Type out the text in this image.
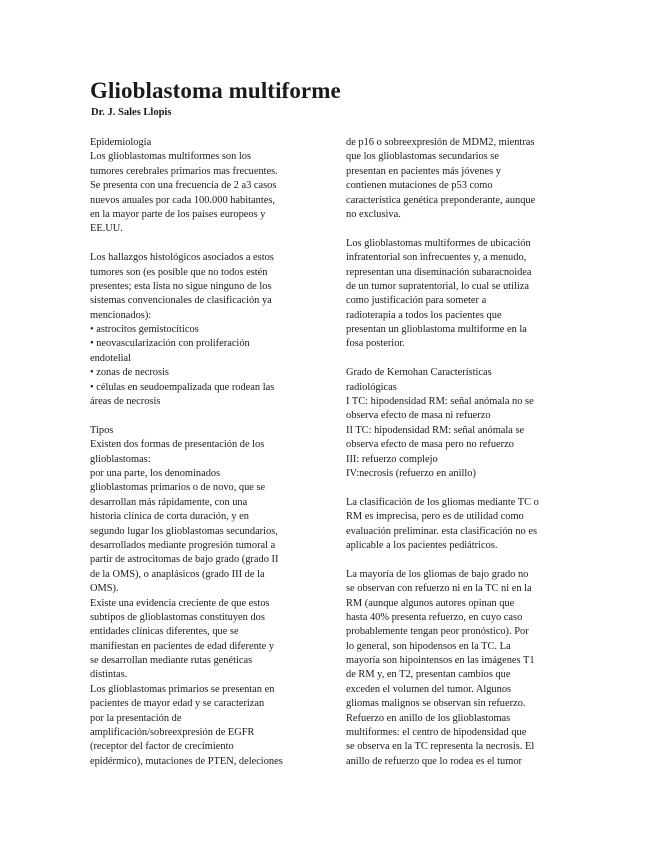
Glioblastoma multiforme
Dr. J. Sales Llopis
Epidemiología
Los glioblastomas multiformes son los
tumores cerebrales primarios mas frecuentes.
Se presenta con una frecuencia de 2 a3 casos
nuevos anuales por cada 100.000 habitantes,
en la mayor parte de los países europeos y
EE.UU.
Los hallazgos histológicos asociados a estos
tumores son (es posible que no todos estén
presentes; esta lista no sigue ninguno de los
sistemas convencionales de clasificación ya
mencionados):
• astrocitos gemistocíticos
• neovascularización con proliferación
endotelial
• zonas de necrosis
• células en seudoempalizada que rodean las
áreas de necrosis
Tipos
Existen dos formas de presentación de los
glioblastomas:
por una parte, los denominados
glioblastomas primarios o de novo, que se
desarrollan más rápidamente, con una
historia clínica de corta duración, y en
segundo lugar los glioblastomas secundarios,
desarrollados mediante progresión tumoral a
partir de astrocitomas de bajo grado (grado II
de la OMS), o anaplásicos (grado III de la
OMS).
Existe una evidencia creciente de que estos
subtipos de glioblastomas constituyen dos
entidades clínicas diferentes, que se
manifiestan en pacientes de edad diferente y
se desarrollan mediante rutas genéticas
distintas.
Los glioblastomas primarios se presentan en
pacientes de mayor edad y se caracterizan
por la presentación de
amplificación/sobreexpresión de EGFR
(receptor del factor de crecimiento
epidérmico), mutaciones de PTEN, deleciones
de p16 o sobreexpresión de MDM2, mientras
que los glioblastomas secundarios se
presentan en pacientes más jóvenes y
contienen mutaciones de p53 como
característica genética preponderante, aunque
no exclusiva.
Los glioblastomas multiformes de ubicación
infratentorial son infrecuentes y, a menudo,
representan una diseminación subaracnoidea
de un tumor supratentorial, lo cual se utiliza
como justificación para someter a
radioterapia a todos los pacientes que
presentan un glioblastoma multiforme en la
fosa posterior.
Grado de Kernohan Características
radiológicas
I TC: hipodensidad RM: señal anómala no se
observa efecto de masa ni refuerzo
II TC: hipodensidad RM: señal anómala se
observa efecto de masa pero no refuerzo
III: refuerzo complejo
IV:necrosis (refuerzo en anillo)
La clasificación de los gliomas mediante TC o
RM es imprecisa, pero es de utilidad como
evaluación preliminar. esta clasificación no es
aplicable a los pacientes pediátricos.
La mayoría de los gliomas de bajo grado no
se observan con refuerzo ni en la TC ni en la
RM (aunque algunos autores opinan que
hasta 40% presenta refuerzo, en cuyo caso
probablemente tengan peor pronóstico). Por
lo general, son hipodensos en la TC. La
mayoría son hipointensos en las imágenes T1
de RM y, en T2, presentan cambios que
exceden el volumen del tumor. Algunos
gliomas malignos se observan sin refuerzo.
Refuerzo en anillo de los glioblastomas
multiformes: el centro de hipodensidad que
se observa en la TC representa la necrosis. El
anillo de refuerzo que lo rodea es el tumor
